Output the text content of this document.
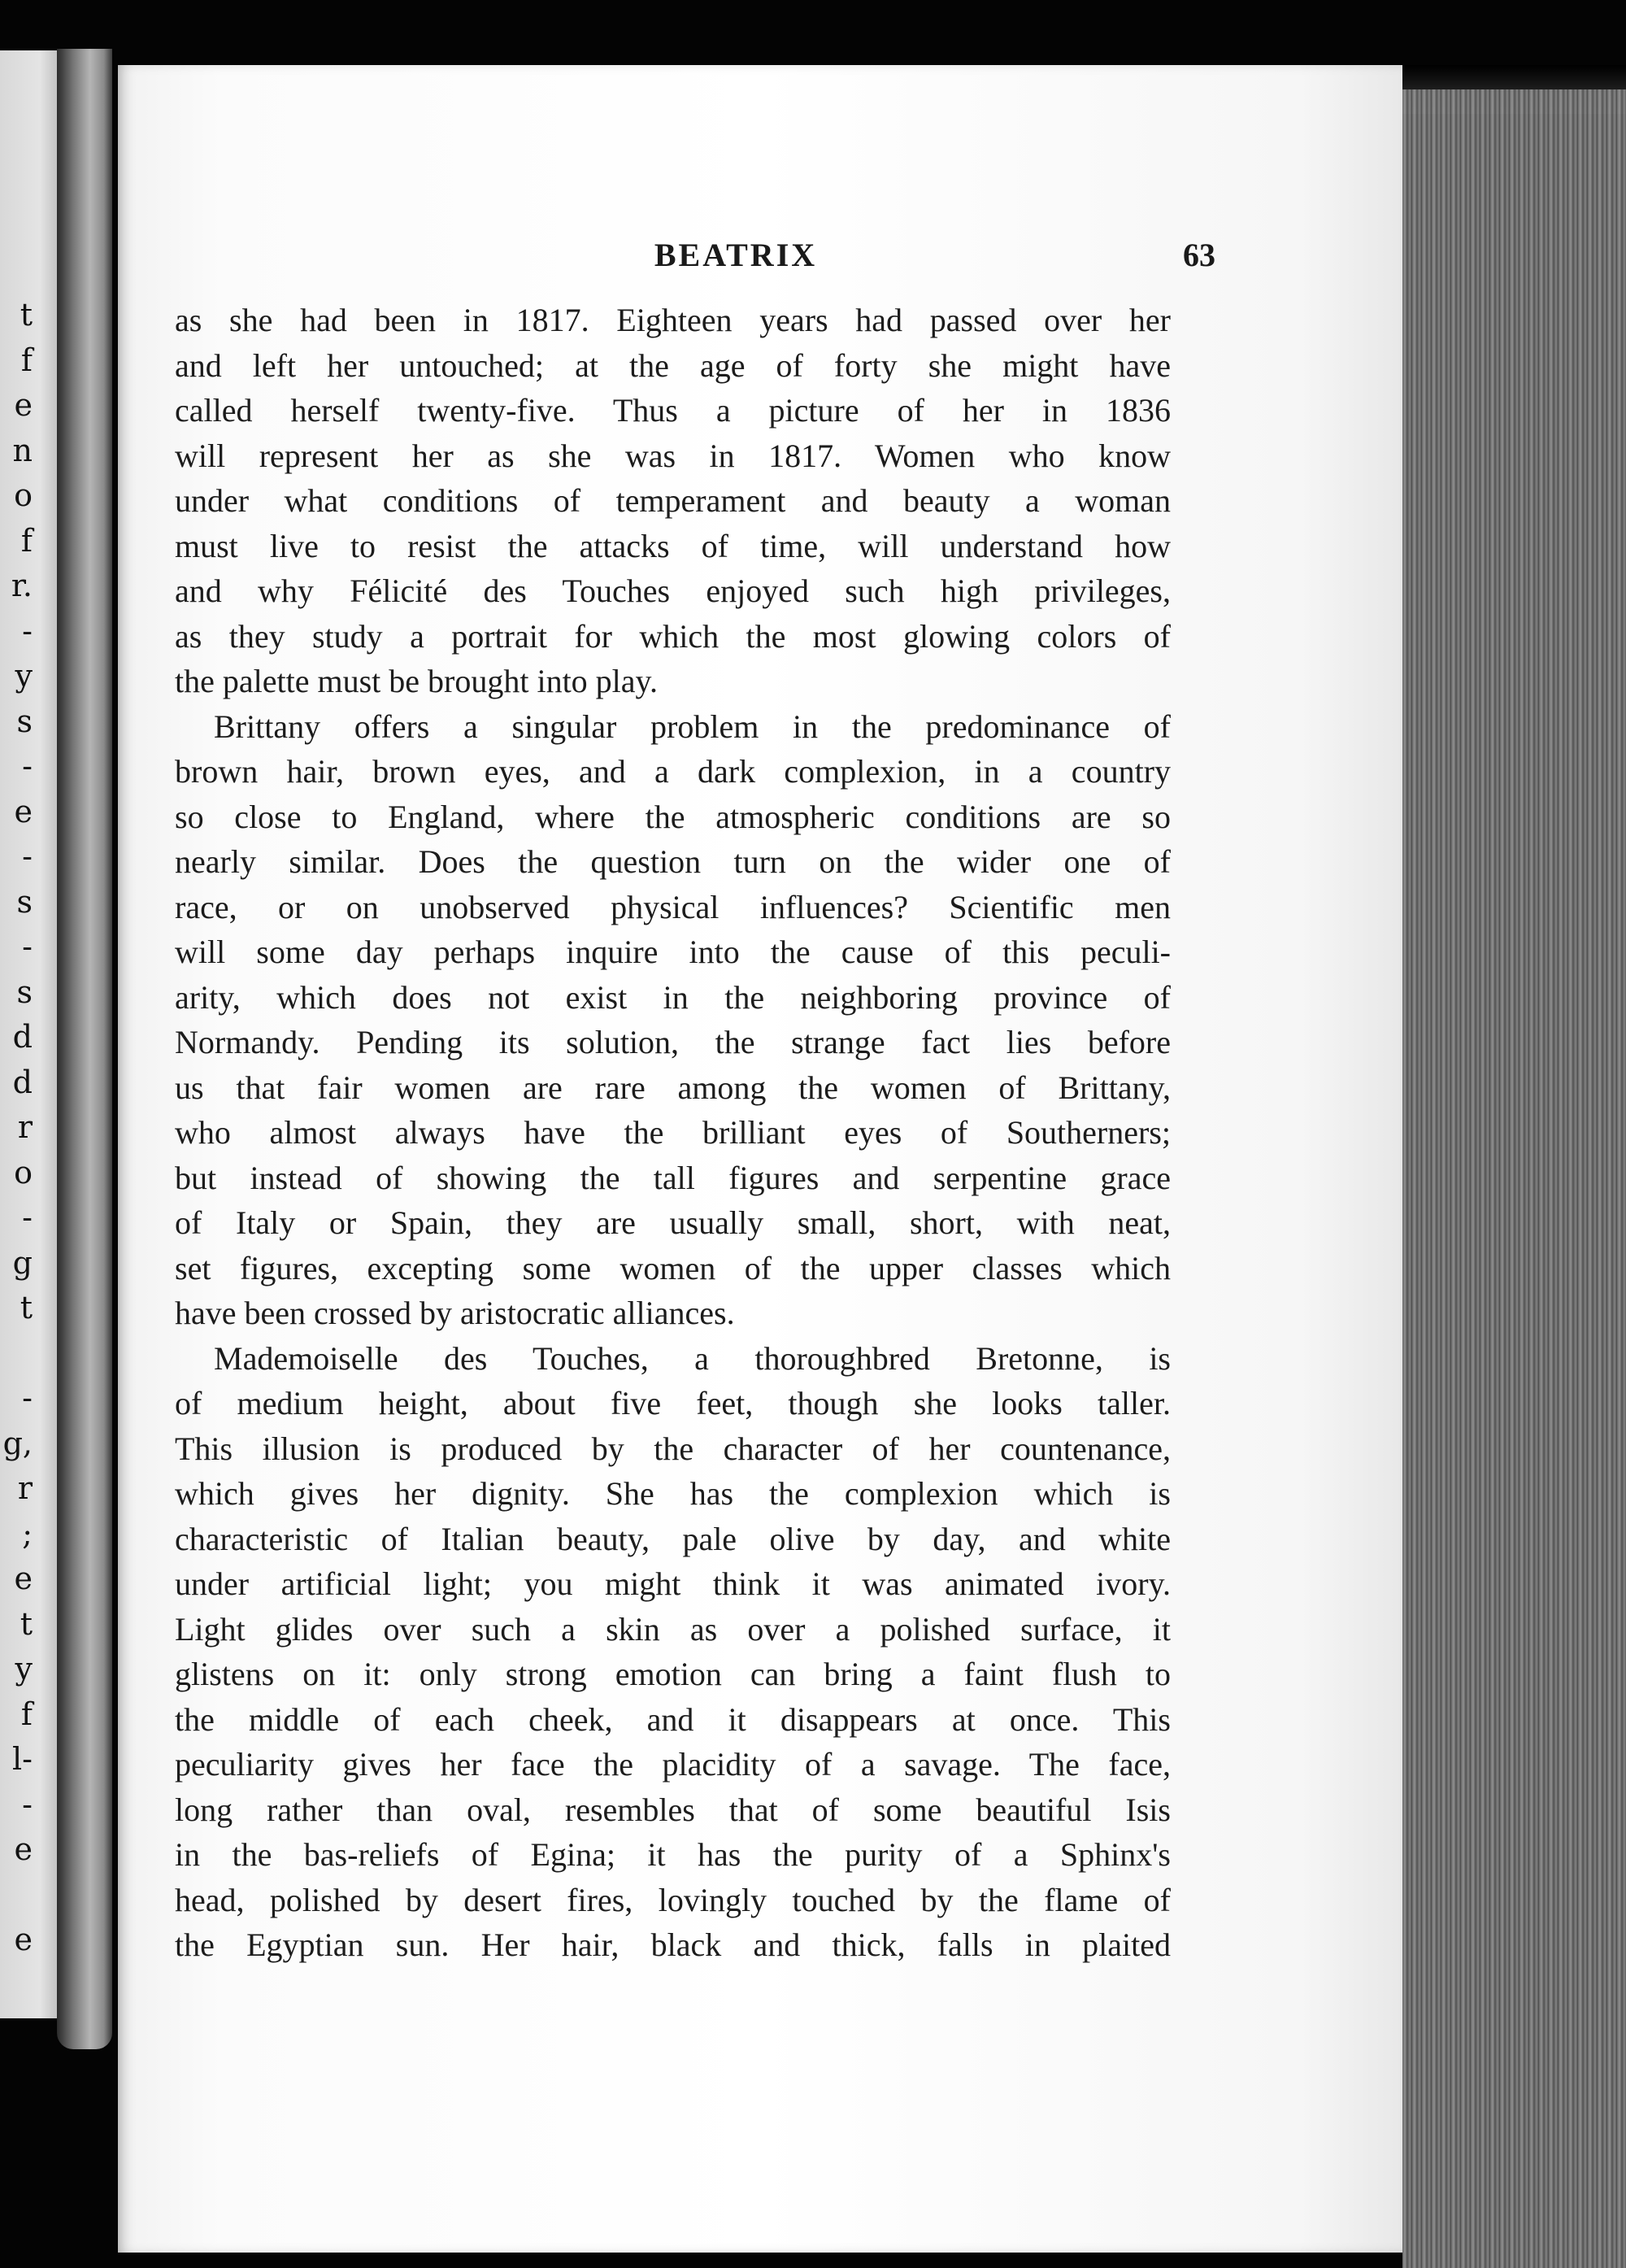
t
f
e
n
o
f
r.
-
y
s
-
e
-
s
-
s
d
d
r
o
-
g
t
-
g,
r
;
e
t
y
f
l-
-
e
e
BEATRIX	63
as she had been in 1817. Eighteen years had passed over her
and left her untouched; at the age of forty she might have
called herself twenty-five. Thus a picture of her in 1836
will represent her as she was in 1817. Women who know
under what conditions of temperament and beauty a woman
must live to resist the attacks of time, will understand how
and why Félicité des Touches enjoyed such high privileges,
as they study a portrait for which the most glowing colors of
the palette must be brought into play.
Brittany offers a singular problem in the predominance of
brown hair, brown eyes, and a dark complexion, in a country
so close to England, where the atmospheric conditions are so
nearly similar. Does the question turn on the wider one of
race, or on unobserved physical influences? Scientific men
will some day perhaps inquire into the cause of this peculi-
arity, which does not exist in the neighboring province of
Normandy. Pending its solution, the strange fact lies before
us that fair women are rare among the women of Brittany,
who almost always have the brilliant eyes of Southerners;
but instead of showing the tall figures and serpentine grace
of Italy or Spain, they are usually small, short, with neat,
set figures, excepting some women of the upper classes which
have been crossed by aristocratic alliances.
Mademoiselle des Touches, a thoroughbred Bretonne, is
of medium height, about five feet, though she looks taller.
This illusion is produced by the character of her countenance,
which gives her dignity. She has the complexion which is
characteristic of Italian beauty, pale olive by day, and white
under artificial light; you might think it was animated ivory.
Light glides over such a skin as over a polished surface, it
glistens on it: only strong emotion can bring a faint flush to
the middle of each cheek, and it disappears at once. This
peculiarity gives her face the placidity of a savage. The face,
long rather than oval, resembles that of some beautiful Isis
in the bas-reliefs of Egina; it has the purity of a Sphinx's
head, polished by desert fires, lovingly touched by the flame of
the Egyptian sun. Her hair, black and thick, falls in plaited
